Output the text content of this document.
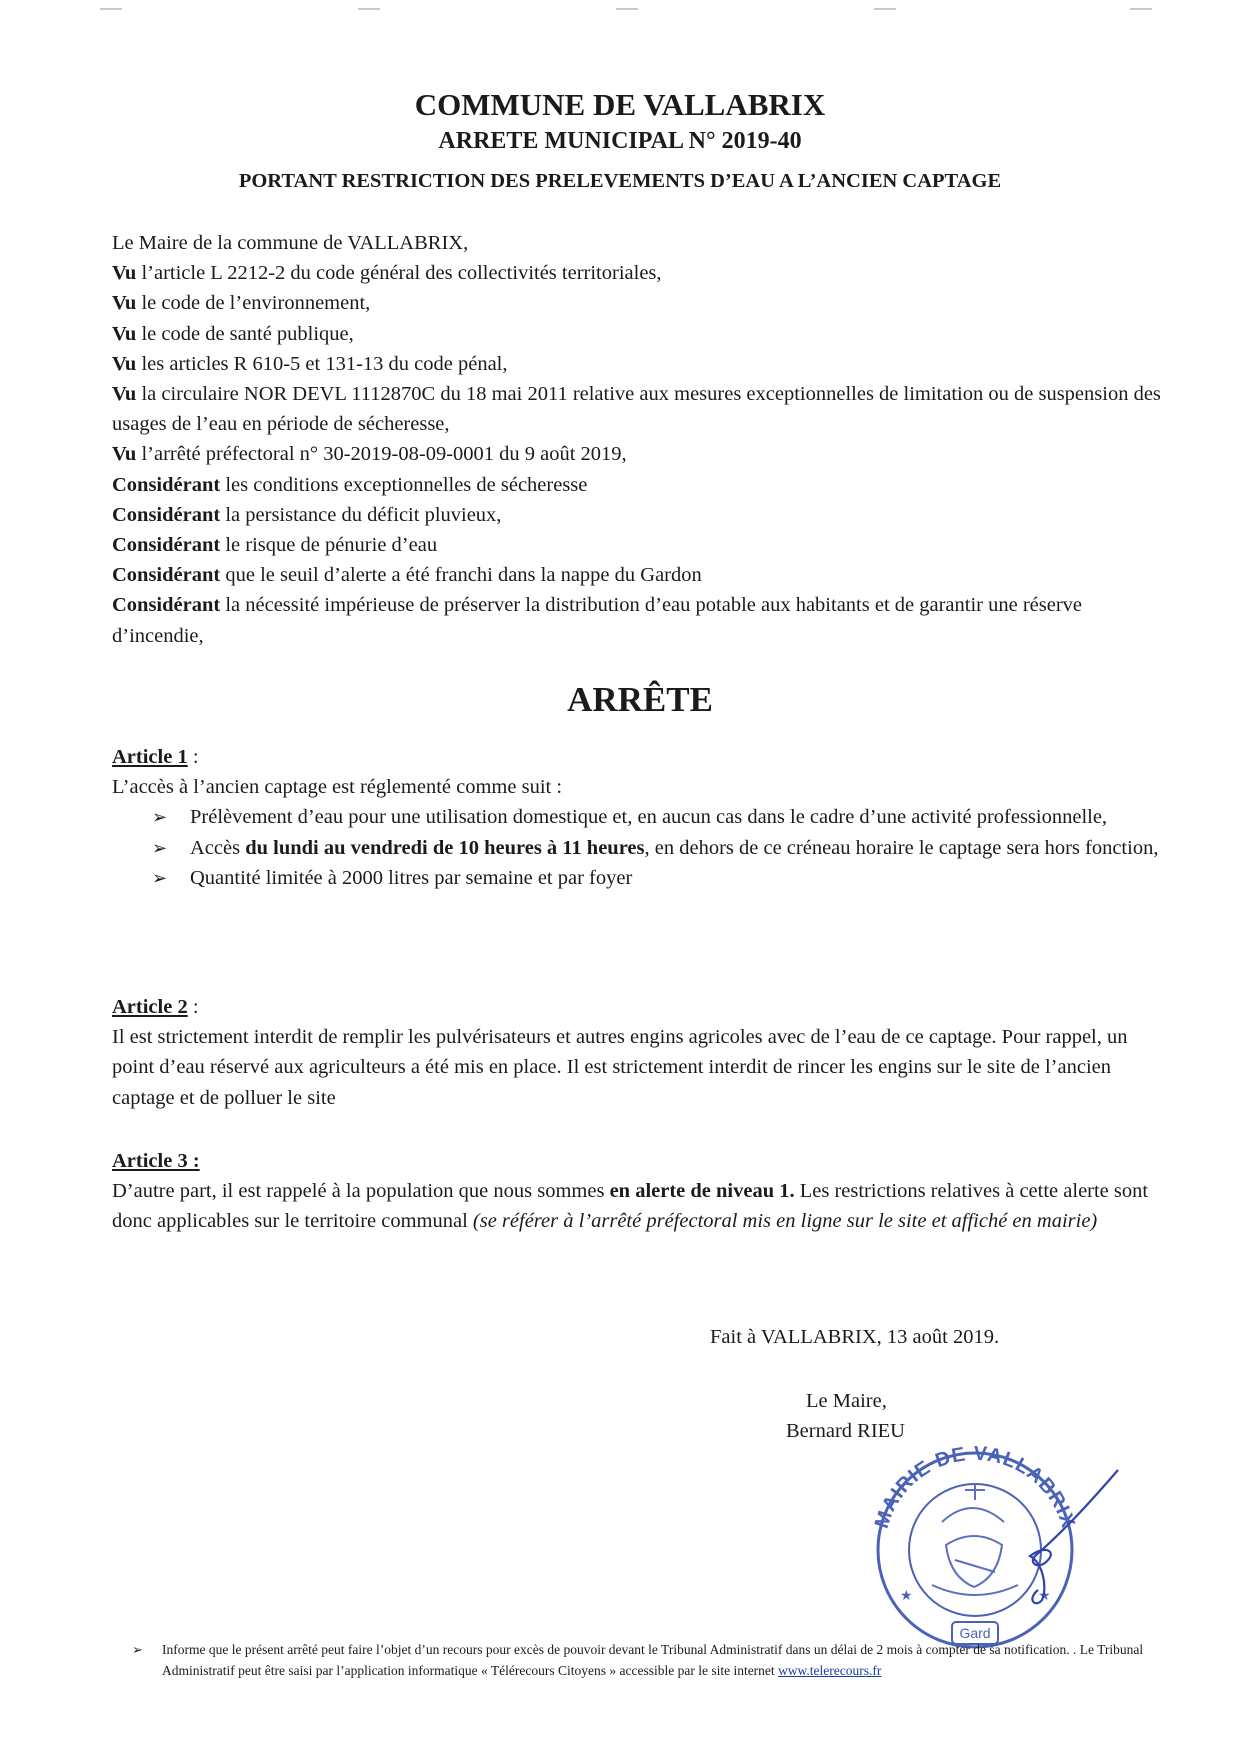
COMMUNE DE VALLABRIX

ARRETE MUNICIPAL N° 2019-40

PORTANT RESTRICTION DES PRELEVEMENTS D’EAU A L’ANCIEN CAPTAGE

Le Maire de la commune de VALLABRIX,

Vu l’article L 2212-2 du code général des collectivités territoriales,

Vu le code de l’environnement,

Vu le code de santé publique,

Vu les articles R 610-5 et 131-13 du code pénal,

Vu la circulaire NOR DEVL 1112870C du 18 mai 2011 relative aux mesures exceptionnelles de limitation ou de suspension des usages de l’eau en période de sécheresse,

Vu l’arrêté préfectoral n° 30-2019-08-09-0001 du 9 août 2019,

Considérant les conditions exceptionnelles de sécheresse

Considérant la persistance du déficit pluvieux,

Considérant le risque de pénurie d’eau

Considérant que le seuil d’alerte a été franchi dans la nappe du Gardon

Considérant la nécessité impérieuse de préserver la distribution d’eau potable aux habitants et de garantir une réserve d’incendie,

ARRÊTE

Article 1 :

L’accès à l’ancien captage est réglementé comme suit :

➢ Prélèvement d’eau pour une utilisation domestique et, en aucun cas dans le cadre d’une activité professionnelle,
➢ Accès du lundi au vendredi de 10 heures à 11 heures, en dehors de ce créneau horaire le captage sera hors fonction,
➢ Quantité limitée à 2000 litres par semaine et par foyer

Article 2 :

Il est strictement interdit de remplir les pulvérisateurs et autres engins agricoles avec de l’eau de ce captage. Pour rappel, un point d’eau réservé aux agriculteurs a été mis en place. Il est strictement interdit de rincer les engins sur le site de l’ancien captage et de polluer le site

Article 3 :

D’autre part, il est rappelé à la population que nous sommes en alerte de niveau 1. Les restrictions relatives à cette alerte sont donc applicables sur le territoire communal (se référer à l’arrêté préfectoral mis en ligne sur le site et affiché en mairie)

Fait à VALLABRIX, 13 août 2019.
Le Maire,
Bernard RIEU
MAIRIE DE VALLABRIX
★	★
Gard
➢ Informe que le présent arrêté peut faire l’objet d’un recours pour excès de pouvoir devant le Tribunal Administratif dans un délai de 2 mois à compter de sa notification. . Le Tribunal Administratif peut être saisi par l’application informatique « Télérecours Citoyens » accessible par le site internet www.telerecours.fr
